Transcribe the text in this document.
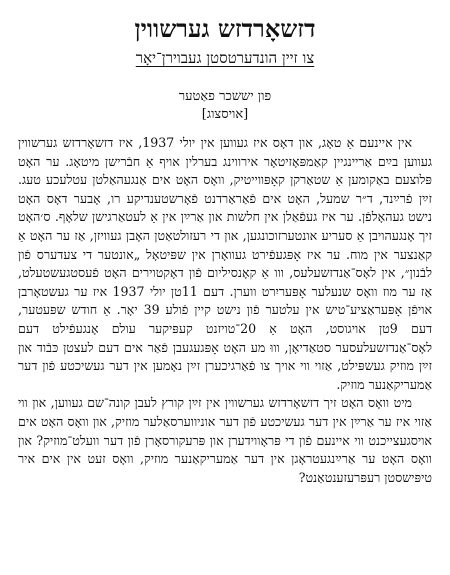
דזשאָרדזש גערשווין
צו זיין הונדערטסטן געבוירן־יאָר
פון יששכר פאַטער
[אויסצוג]

אין איינעם אַ טאָג, און דאָס איז געווען אין יולי 1937, איז דזשאָרדזש גערשווין געווען בײַם אַריינגיין קאַמפּאָזיטאָר אירווינג בערלין אויף אַ חבֿרישן מיטאָג. ער האָט פּלוצעם באַקומען אַ שטאַרקן קאָפּװייטיק, וואָס האָט אים אַנגעהאַלטן עטלעכע טעג. זײַן פֿרײַנד, ד״ר שמעל, האָט אים פֿאַראַרדנט פֿאָרשטענדיקע רו, אָבער דאָס האָט נישט געהאָלפֿן. ער איז געפֿאַלן אין חלשות און אַרײַן אין אַ לעטאַרגישן שלאָף. ס׳האָט זיך אָנגעהויבן אַ סעריע אונטערזוכונגען, און די רעזולטאַטן האָבן געוויזן, אַז ער האָט אַ קאַנצער אין מוח. ער איז אָפּגעפֿירט געוואָרן אין שפּיטאָל „אונטער די צעדערס פֿון לבֿנון״, אין לאָס־אַנדזשעלעס, ווו אַ קאָנסיליום פֿון דאָקטוירים האָט פֿעסטגעשטעלט, אַז ער מוז וואָס שנעלער אָפּעריִרט ווערן. דעם 11טן יולי 1937 איז ער געשטאָרבן אויפֿן אָפּעראַציע־טיש אין עלטער פֿון נישט קיין פֿולע 39 יאָר. אַ חודש שפּעטער, דעם 9טן אויגוסט, האָט אַ 20־טויזנט קעפּיקער עולם אָנגעפֿילט דעם לאָס־אַנדזשעלעסער סטאַדיאָן, וווּ מע האָט אָפּגעגעבן פֿאַר אים דעם לעצטן כּבֿוד און זײַן מוזיק געשפּילט, אַזוי ווי אויך צו פֿאַרגיכערן זײַן נאָמען אין דער געשיכטע פֿון דער אַמעריקאַנער מוזיק.

מיט וואָס האָט זיך דזשאָרדזש גערשווין אין זײַן קורץ לעבן קונה־שם געווען, און ווי אַזוי איז ער אַרײַן אין דער געשיכטע פֿון דער אוניווערסאַלער מוזיק, און וואָס האָט אים אויסגעצייכנט ווי איינעם פֿון די פּראָווידערן און פּרעקורסאָרן פֿון דער וועלט־מוזיק? און וואָס האָט ער אַרײַנגעטראָגן אין דער אַמעריקאַנער מוזיק, וואָס זעט אין אים איר טיפּישסטן רעפּרעזענטאַנט?
